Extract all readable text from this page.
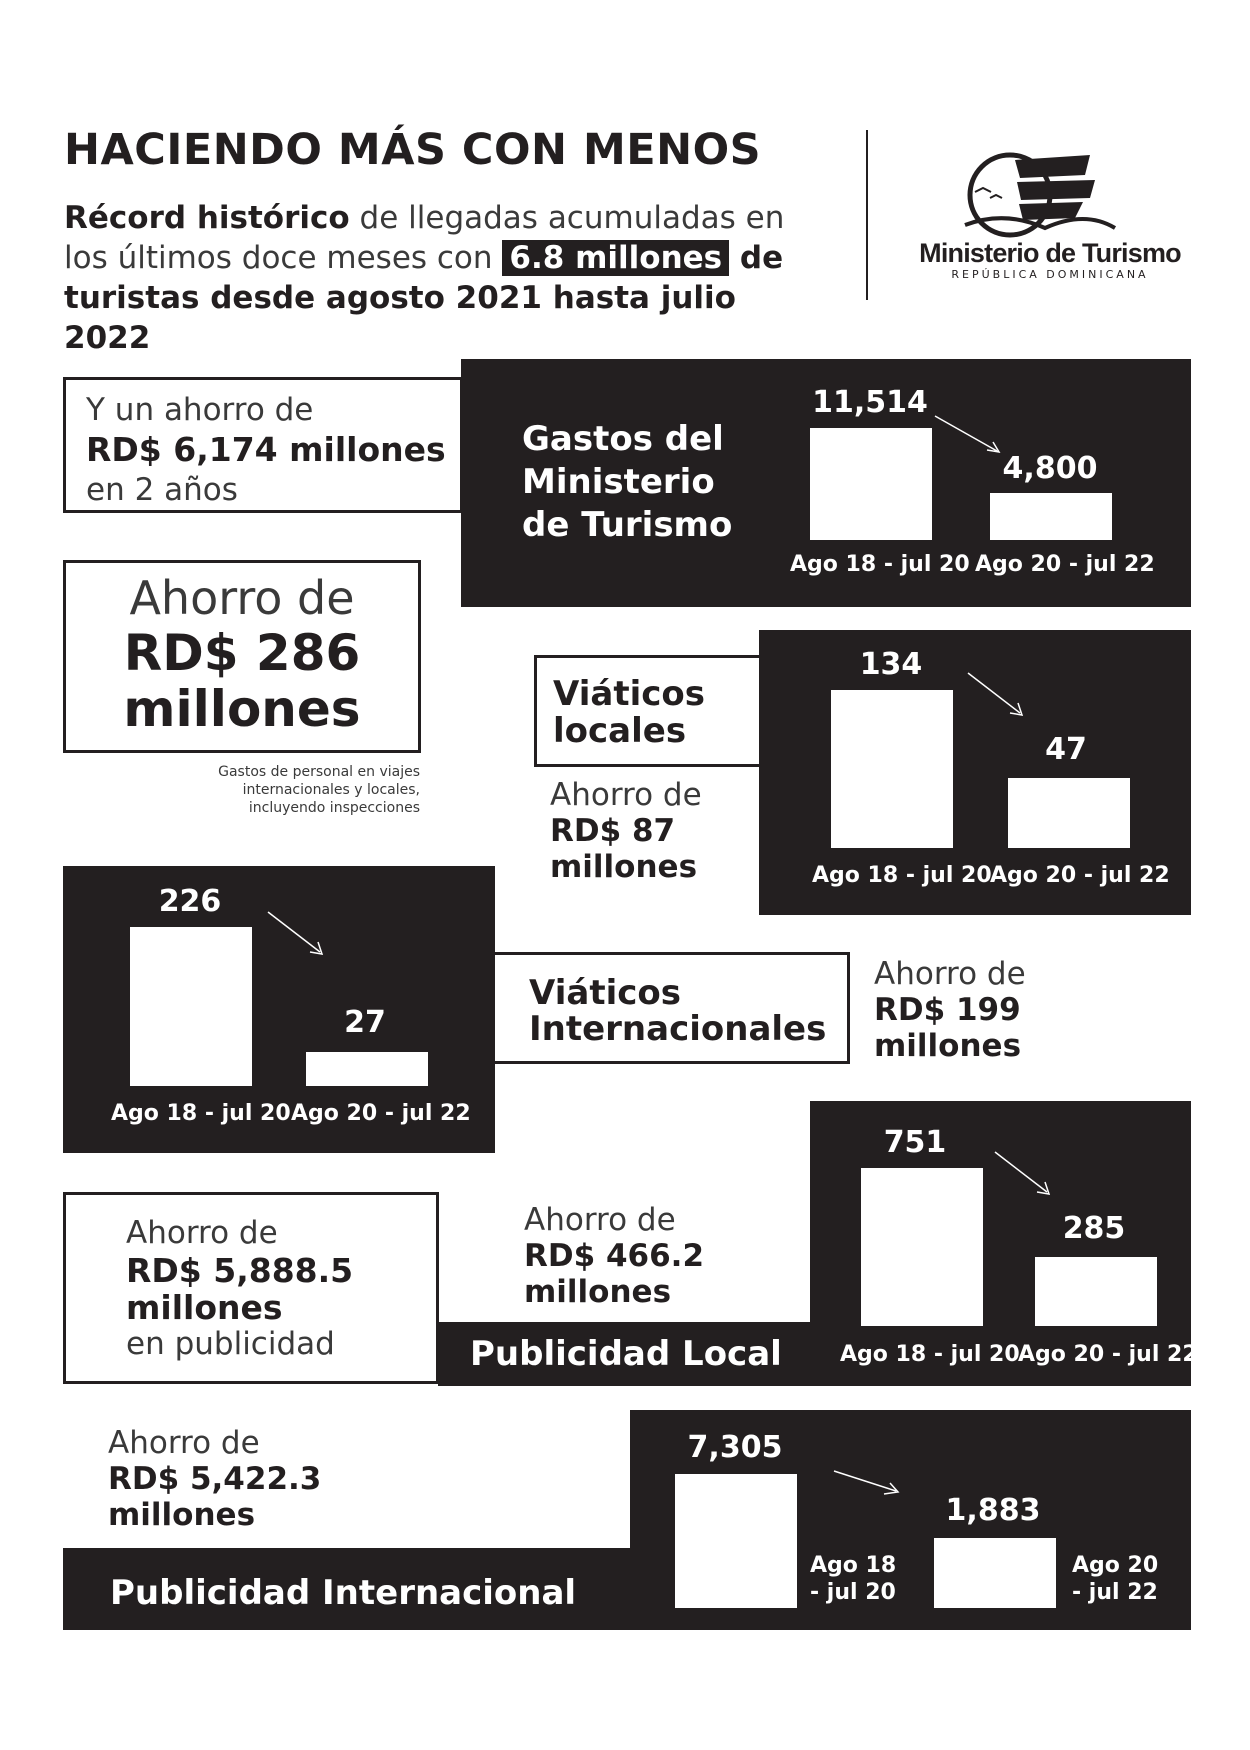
HACIENDO MÁS CON MENOS
Récord histórico de llegadas acumuladas en
los últimos doce meses con 6.8 millones de
turistas desde agosto 2021 hasta julio 2022
Ministerio de Turismo
REPÚBLICA DOMINICANA
Y un ahorro de
RD$ 6,174 millones
en 2 años
Gastos del
Ministerio
de Turismo
11,514
4,800
Ago 18 - jul 20 Ago 20 - jul 22
Ahorro de
RD$ 286
millones
Gastos de personal en viajes
internacionales y locales,
incluyendo inspecciones
Viáticos
locales
Ahorro de
RD$ 87
millones
134
47
Ago 18 - jul 20
Ago 20 - jul 22
226
27
Ago 18 - jul 20 Ago 20 - jul 22
Viáticos
Internacionales
Ahorro de
RD$ 199
millones
Ahorro de
RD$ 5,888.5
millones
en publicidad
Ahorro de
RD$ 466.2
millones
Publicidad Local
751
285
Ago 18 - jul 20
Ago 20 - jul 22
Ahorro de
RD$ 5,422.3
millones
Publicidad Internacional
7,305
Ago 18
- jul 20
1,883
Ago 20
- jul 22
